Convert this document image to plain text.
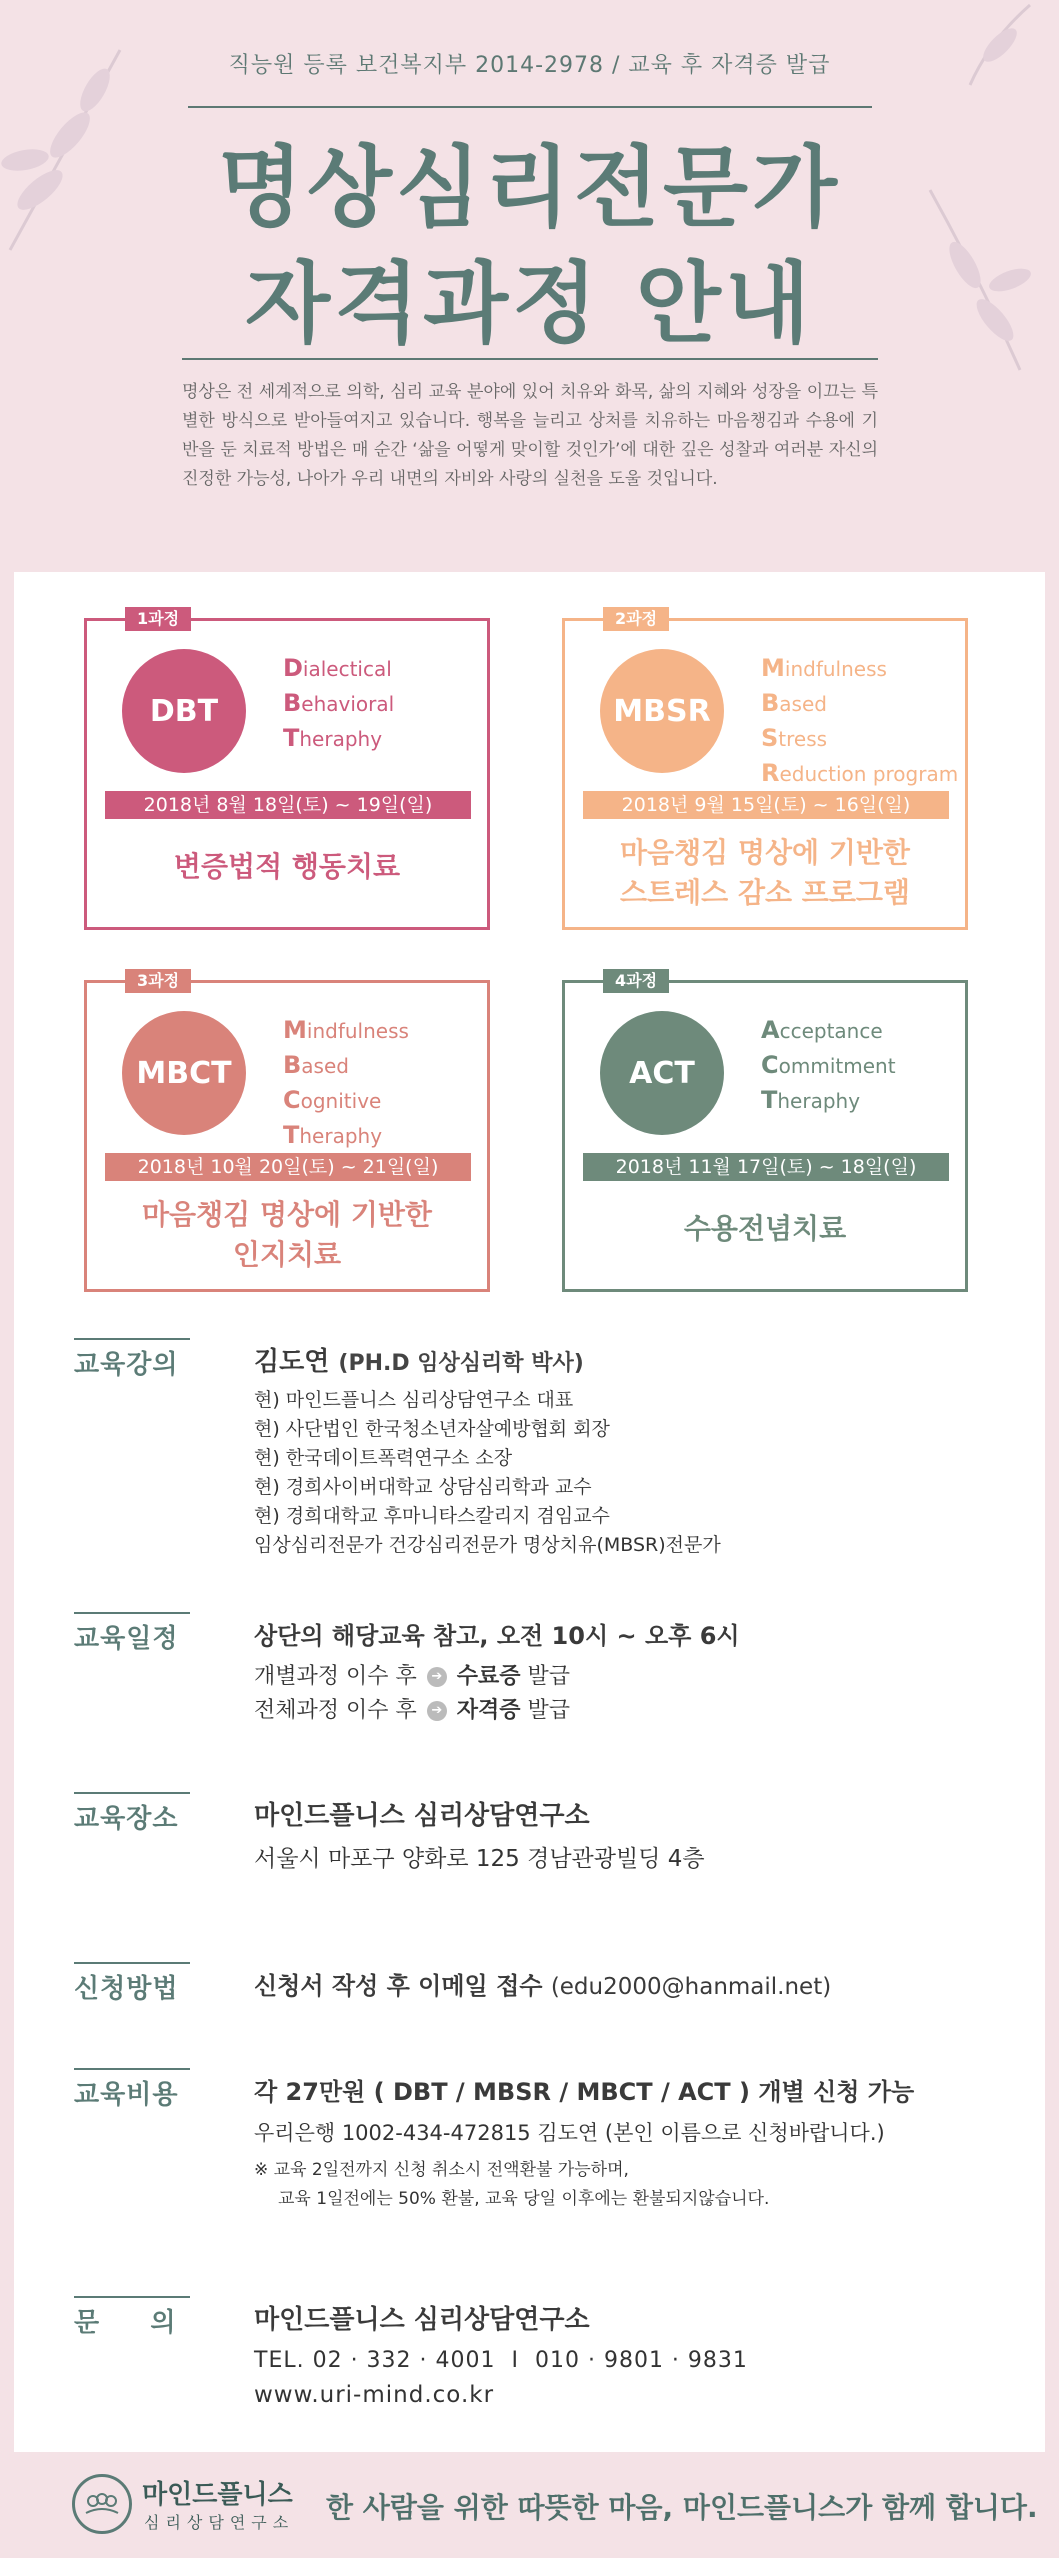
직능원 등록 보건복지부 2014-2978 / 교육 후 자격증 발급
명상심리전문가
자격과정 안내
명상은 전 세계적으로 의학, 심리 교육 분야에 있어 치유와 화목, 삶의 지혜와 성장을 이끄는 특별한 방식으로 받아들여지고 있습니다. 행복을 늘리고 상처를 치유하는 마음챙김과 수용에 기반을 둔 치료적 방법은 매 순간 ‘삶을 어떻게 맞이할 것인가’에 대한 깊은 성찰과 여러분 자신의 진정한 가능성, 나아가 우리 내면의 자비와 사랑의 실천을 도울 것입니다.
1과정
DBT
Dialectical
Behavioral
Theraphy
2018년 8월 18일(토) ~ 19일(일)
변증법적 행동치료
2과정
MBSR
Mindfulness
Based
Stress
Reduction program
2018년 9월 15일(토) ~ 16일(일)
마음챙김 명상에 기반한
스트레스 감소 프로그램
3과정
MBCT
Mindfulness
Based
Cognitive
Theraphy
2018년 10월 20일(토) ~ 21일(일)
마음챙김 명상에 기반한
인지치료
4과정
ACT
Acceptance
Commitment
Theraphy
2018년 11월 17일(토) ~ 18일(일)
수용전념치료
교육강의	김도연 (PH.D 임상심리학 박사)
현) 마인드플니스 심리상담연구소 대표
현) 사단법인 한국청소년자살예방협회 회장
현) 한국데이트폭력연구소 소장
현) 경희사이버대학교 상담심리학과 교수
현) 경희대학교 후마니타스칼리지 겸임교수
임상심리전문가 건강심리전문가 명상치유(MBSR)전문가
교육일정	상단의 해당교육 참고, 오전 10시 ~ 오후 6시
개별과정 이수 후 ➔ 수료증 발급
전체과정 이수 후 ➔ 자격증 발급
교육장소	마인드플니스 심리상담연구소
서울시 마포구 양화로 125 경남관광빌딩 4층
신청방법	신청서 작성 후 이메일 접수 (edu2000@hanmail.net)
교육비용	각 27만원 ( DBT / MBSR / MBCT / ACT ) 개별 신청 가능
우리은행 1002-434-472815 김도연 (본인 이름으로 신청바랍니다.)
※ 교육 2일전까지 신청 취소시 전액환불 가능하며,
교육 1일전에는 50% 환불, 교육 당일 이후에는 환불되지않습니다.
문     의	마인드플니스 심리상담연구소
TEL. 02 · 332 · 4001  I  010 · 9801 · 9831
www.uri-mind.co.kr
마인드플니스
심리상담연구소 한 사람을 위한 따뜻한 마음, 마인드플니스가 함께 합니다.
